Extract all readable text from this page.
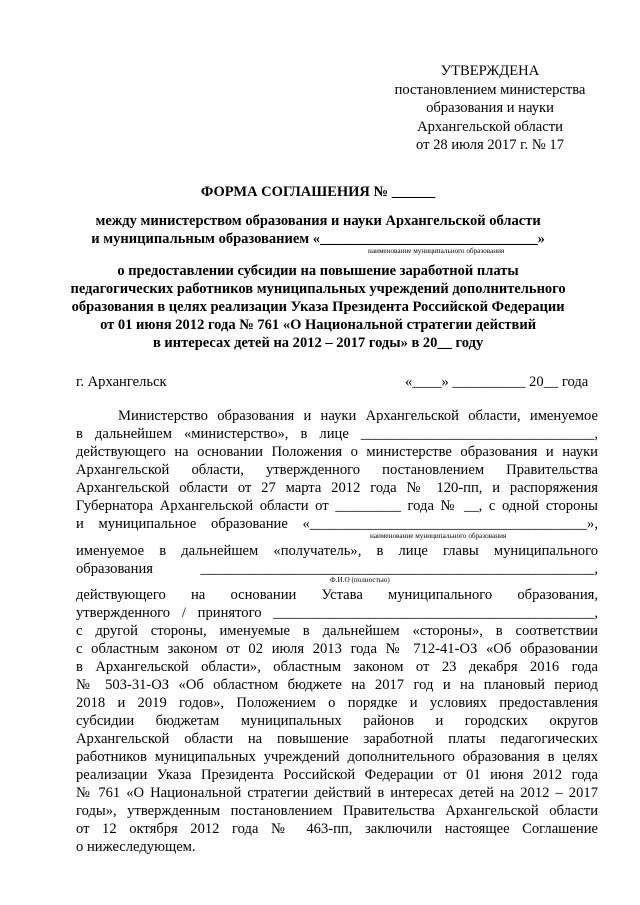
УТВЕРЖДЕНА
постановлением министерства
образования и науки
Архангельской области
от 28 июля 2017 г. № 17
ФОРМА СОГЛАШЕНИЯ № ______
между министерством образования и науки Архангельской области
и муниципальным образованием «______________________________»
наименование муниципального образования
о предоставлении субсидии на повышение заработной платы
педагогических работников муниципальных учреждений дополнительного
образования в целях реализации Указа Президента Российской Федерации
от 01 июня 2012 года № 761 «О Национальной стратегии действий
в интересах детей на 2012 – 2017 годы» в 20__ году
г. Архангельск	«____» __________ 20__ года
Министерство образования и науки Архангельской области, именуемое
в дальнейшем «министерство», в лице ________________________________,
действующего на основании Положения о министерстве образования и науки
Архангельской области, утвержденного постановлением Правительства
Архангельской области от 27 марта 2012 года № 120-пп, и распоряжения
Губернатора Архангельской области от _________ года № __, с одной стороны
и муниципальное образование «______________________________________»,
наименование муниципального образования
именуемое в дальнейшем «получатель», в лице главы муниципального
образования ______________________________________________________,
Ф.И.О (полностью)
действующего на основании Устава муниципального образования,
утвержденного / принятого ____________________________________________,
с другой стороны, именуемые в дальнейшем «стороны», в соответствии
с областным законом от 02 июля 2013 года № 712-41-ОЗ «Об образовании
в Архангельской области», областным законом от 23 декабря 2016 года
№ 503-31-ОЗ «Об областном бюджете на 2017 год и на плановый период
2018 и 2019 годов», Положением о порядке и условиях предоставления
субсидии бюджетам муниципальных районов и городских округов
Архангельской области на повышение заработной платы педагогических
работников муниципальных учреждений дополнительного образования в целях
реализации Указа Президента Российской Федерации от 01 июня 2012 года
№ 761 «О Национальной стратегии действий в интересах детей на 2012 – 2017
годы», утвержденным постановлением Правительства Архангельской области
от 12 октября 2012 года № 463-пп, заключили настоящее Соглашение
о нижеследующем.
